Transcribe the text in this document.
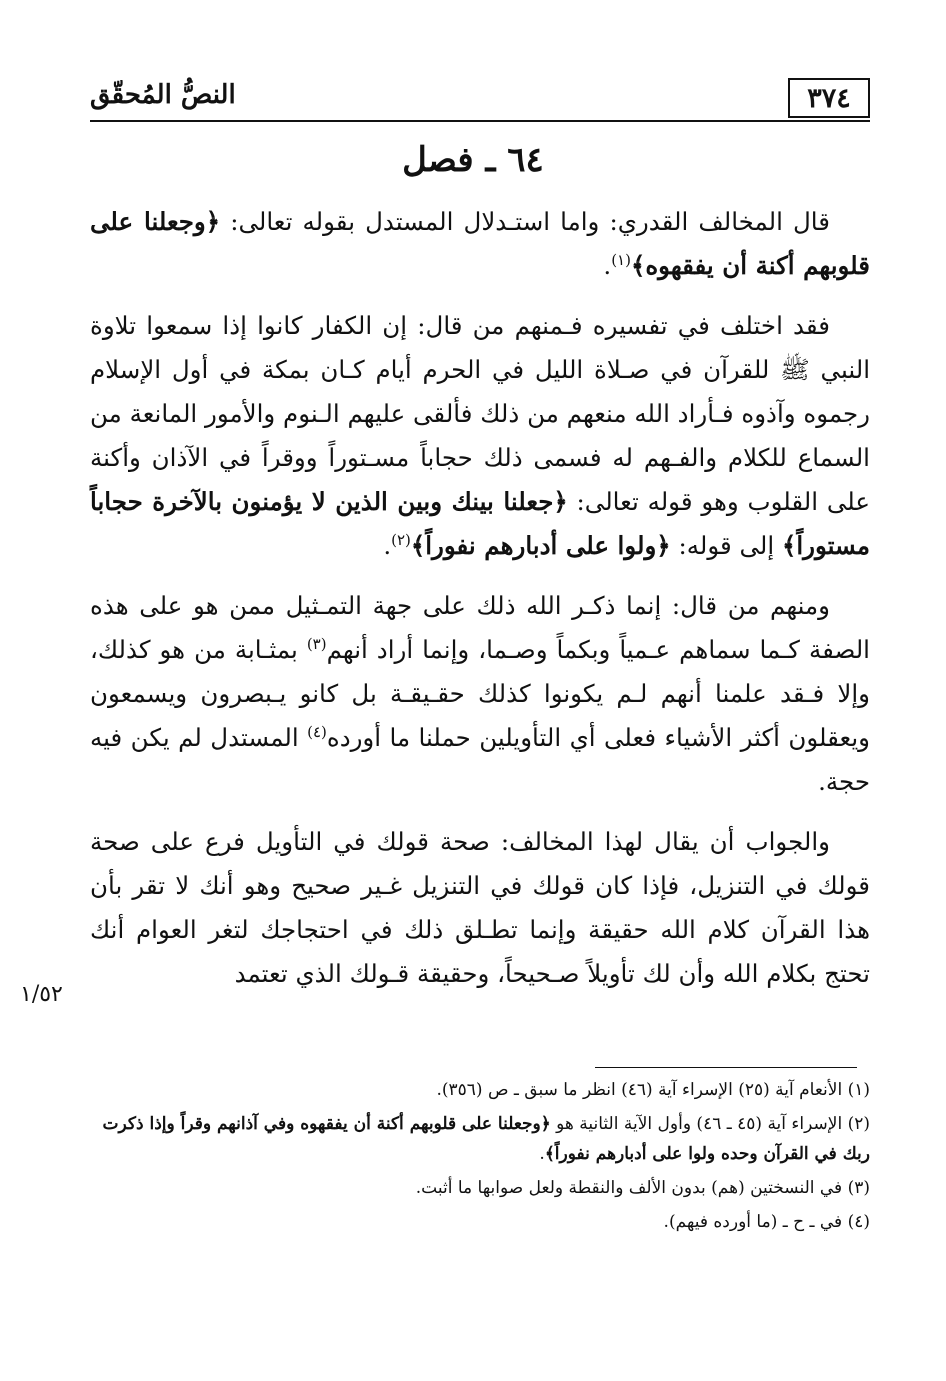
٣٧٤
النصُّ المُحقّق
٦٤ ـ فصل

قال المخالف القدري: واما استـدلال المستدل بقوله تعالى: ﴿وجعلنا على قلوبهم أكنة أن يفقهوه﴾$^{(١)}$.

فقد اختلف في تفسيره فـمنهم من قال: إن الكفار كانوا إذا سمعوا تلاوة النبي ﷺ للقرآن في صـلاة الليل في الحرم أيام كـان بمكة في أول الإسلام رجموه وآذوه فـأراد الله منعهم من ذلك فألقى عليهم الـنوم والأمور المانعة من السماع للكلام والفـهم له فسمى ذلك حجاباً مسـتوراً ووقراً في الآذان وأكنة على القلوب وهو قوله تعالى: ﴿جعلنا بينك وبين الذين لا يؤمنون بالآخرة حجاباً مستوراً﴾ إلى قوله: ﴿ولوا على أدبارهم نفوراً﴾$^{(٢)}$.

ومنهم من قال: إنما ذكـر الله ذلك على جهة التمـثيل ممن هو على هذه الصفة كـما سماهم عـمياً وبكماً وصـما، وإنما أراد أنهم$^{(٣)}$ بمثـابة من هو كذلك، وإلا فـقد علمنا أنهم لـم يكونوا كذلك حقـيقـة بل كانو يـبصرون ويسمعون ويعقلون أكثر الأشياء فعلى أي التأويلين حملنا ما أورده$^{(٤)}$ المستدل لم يكن فيه حجة.

والجواب أن يقال لهذا المخالف: صحة قولك في التأويل فرع على صحة قولك في التنزيل، فإذا كان قولك في التنزيل غـير صحيح وهو أنك لا تقر بأن هذا القرآن كلام الله حقيقة وإنما تطـلق ذلك في احتجاجك لتغر العوام أنك تحتج بكلام الله وأن لك تأويلاً صـحيحاً، وحقيقة قـولك الذي تعتمد

١/٥٢

(١) الأنعام آية (٢٥) الإسراء آية (٤٦) انظر ما سبق ـ ص (٣٥٦).

(٢) الإسراء آية (٤٥ ـ ٤٦) وأول الآية الثانية هو ﴿وجعلنا على قلوبهم أكنة أن يفقهوه وفي آذانهم وقراً وإذا ذكرت ربك في القرآن وحده ولوا على أدبارهم نفوراً﴾.

(٣) في النسختين (هم) بدون الألف والنقطة ولعل صوابها ما أثبت.

(٤) في ـ ح ـ (ما أورده فيهم).
